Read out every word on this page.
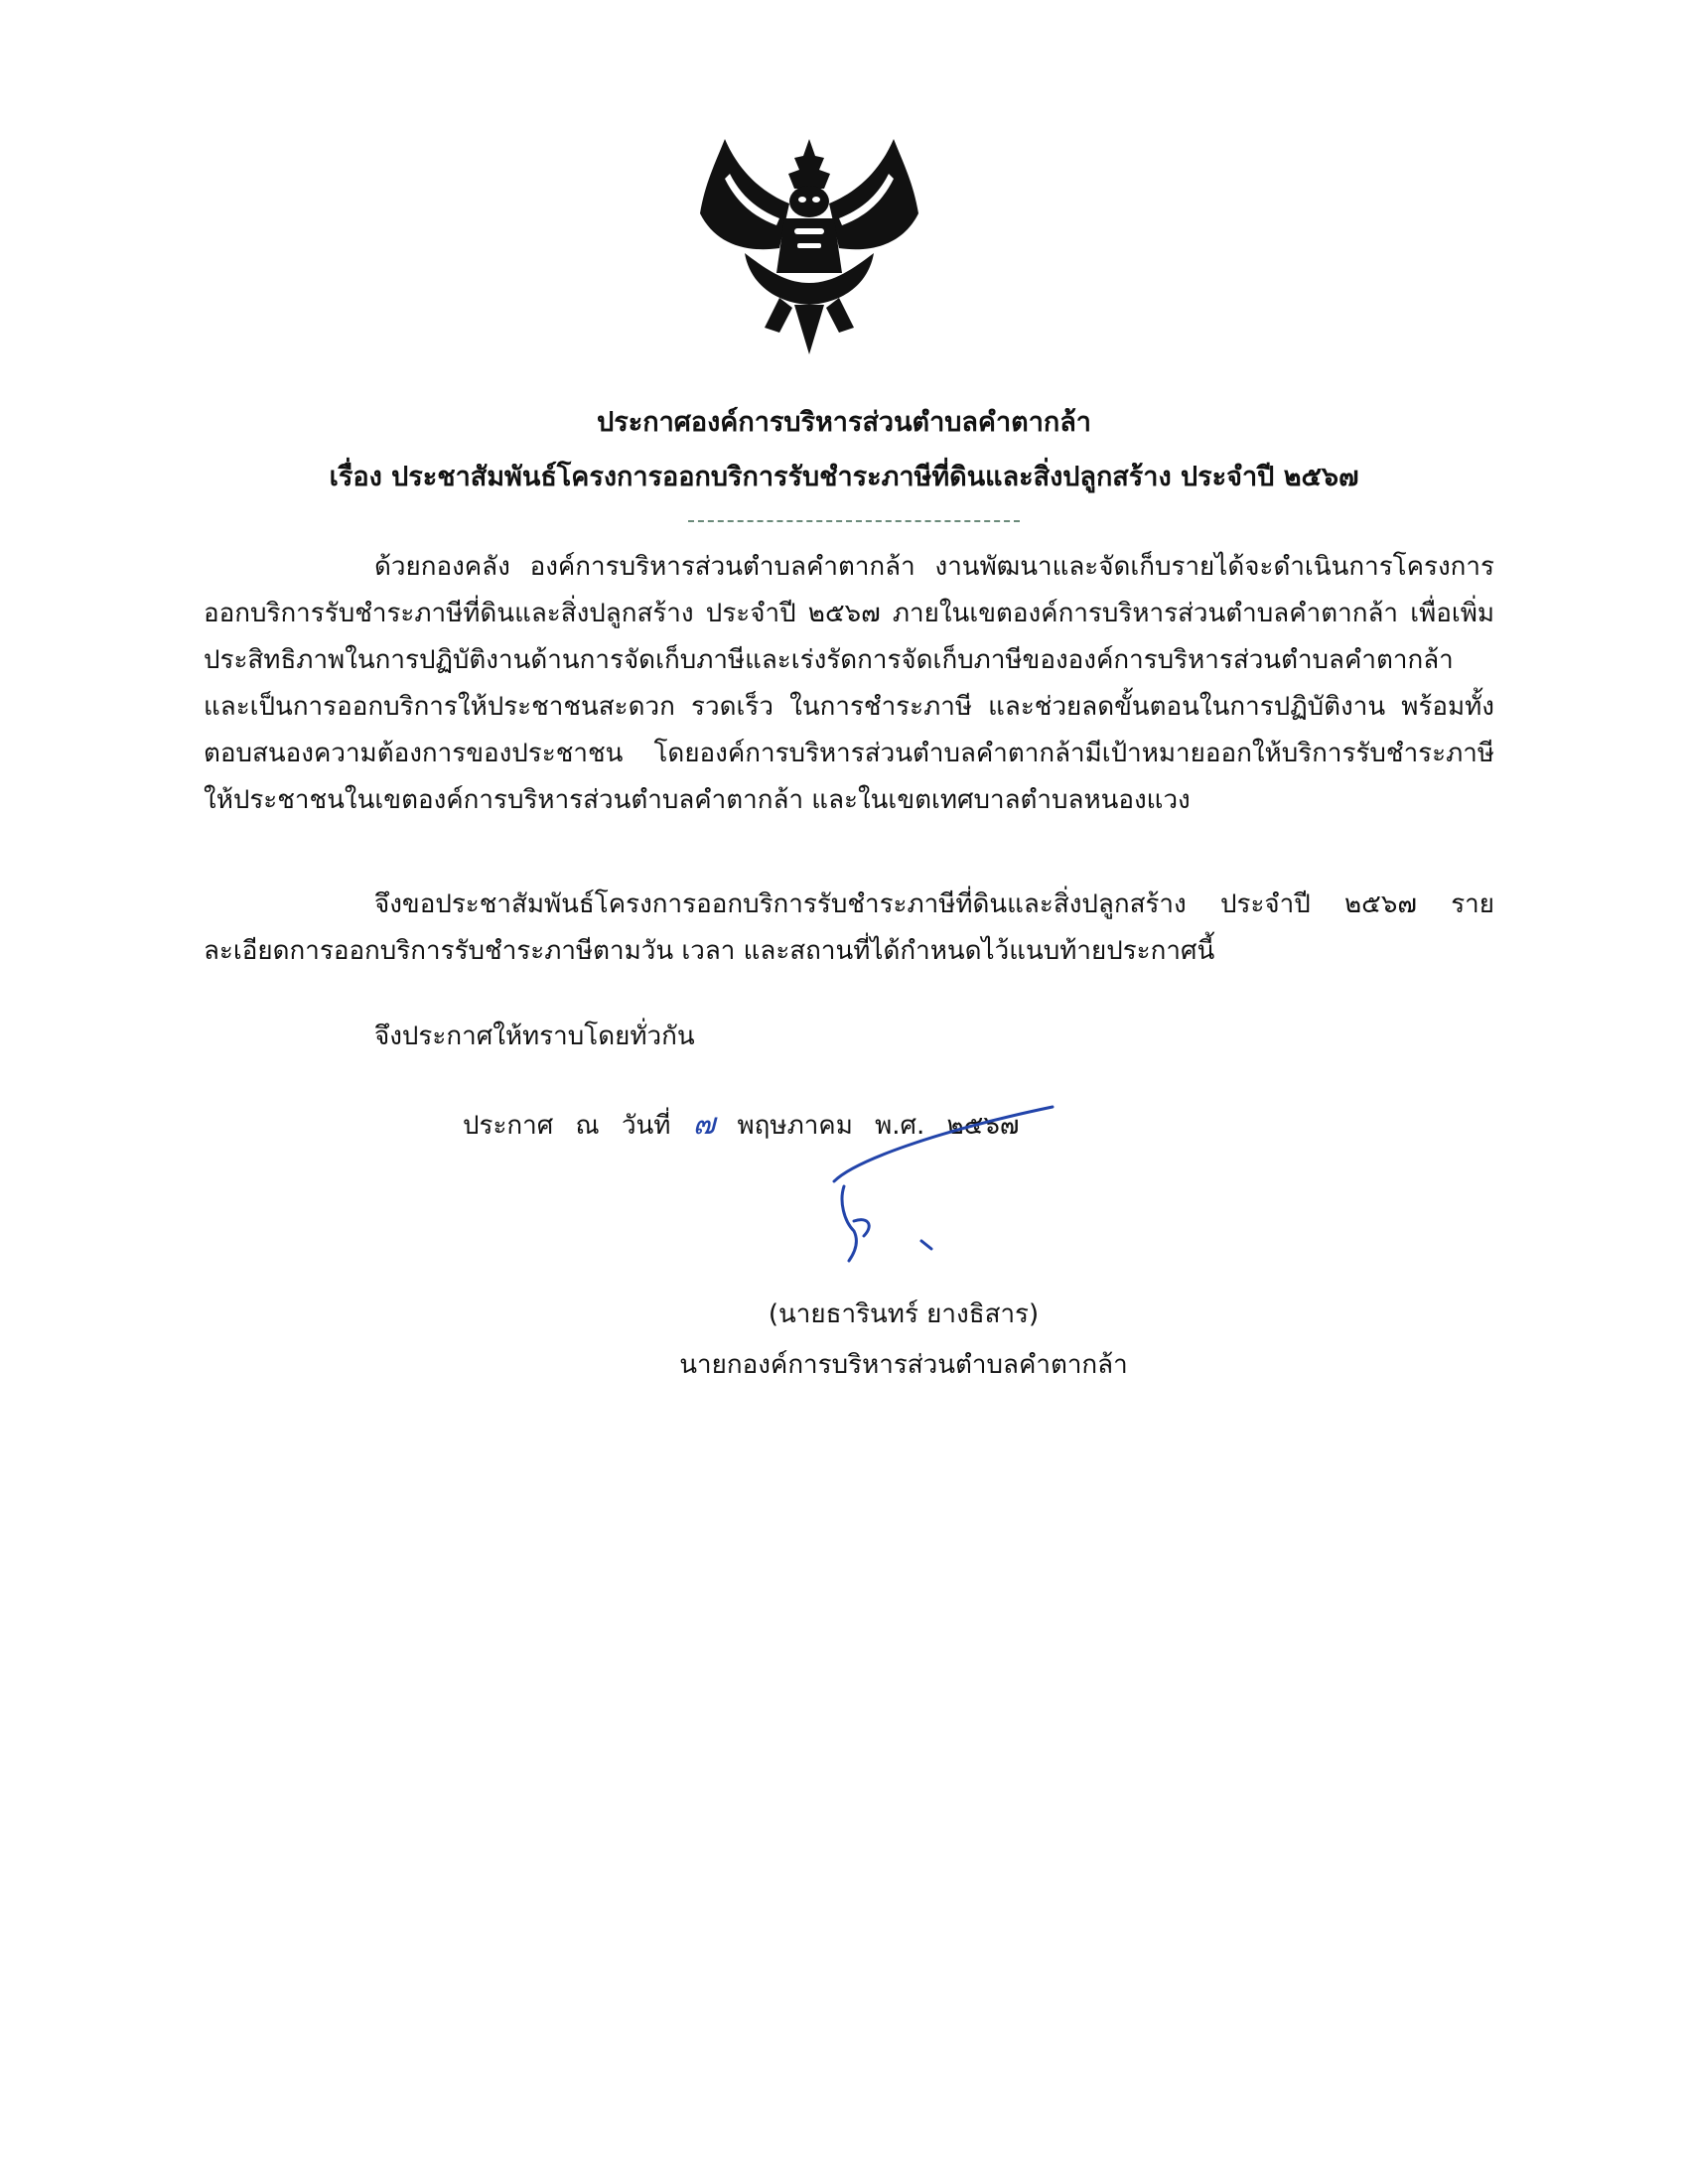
ประกาศองค์การบริหารส่วนตำบลคำตากล้า
เรื่อง ประชาสัมพันธ์โครงการออกบริการรับชำระภาษีที่ดินและสิ่งปลูกสร้าง ประจำปี ๒๕๖๗

ด้วยกองคลัง องค์การบริหารส่วนตำบลคำตากล้า งานพัฒนาและจัดเก็บรายได้จะดำเนินการโครงการออกบริการรับชำระภาษีที่ดินและสิ่งปลูกสร้าง ประจำปี ๒๕๖๗ ภายในเขตองค์การบริหารส่วนตำบลคำตากล้า เพื่อเพิ่มประสิทธิภาพในการปฏิบัติงานด้านการจัดเก็บภาษีและเร่งรัดการจัดเก็บภาษีขององค์การบริหารส่วนตำบลคำตากล้า และเป็นการออกบริการให้ประชาชนสะดวก รวดเร็ว ในการชำระภาษี และช่วยลดขั้นตอนในการปฏิบัติงาน พร้อมทั้งตอบสนองความต้องการของประชาชน โดยองค์การบริหารส่วนตำบลคำตากล้ามีเป้าหมายออกให้บริการรับชำระภาษีให้ประชาชนในเขตองค์การบริหารส่วนตำบลคำตากล้า และในเขตเทศบาลตำบลหนองแวง

จึงขอประชาสัมพันธ์โครงการออกบริการรับชำระภาษีที่ดินและสิ่งปลูกสร้าง ประจำปี ๒๕๖๗ รายละเอียดการออกบริการรับชำระภาษีตามวัน เวลา และสถานที่ได้กำหนดไว้แนบท้ายประกาศนี้

จึงประกาศให้ทราบโดยทั่วกัน
ประกาศ ณ วันที่ ๗ พฤษภาคม พ.ศ. ๒๕๖๗
(นายธารินทร์ ยางธิสาร)
นายกองค์การบริหารส่วนตำบลคำตากล้า
